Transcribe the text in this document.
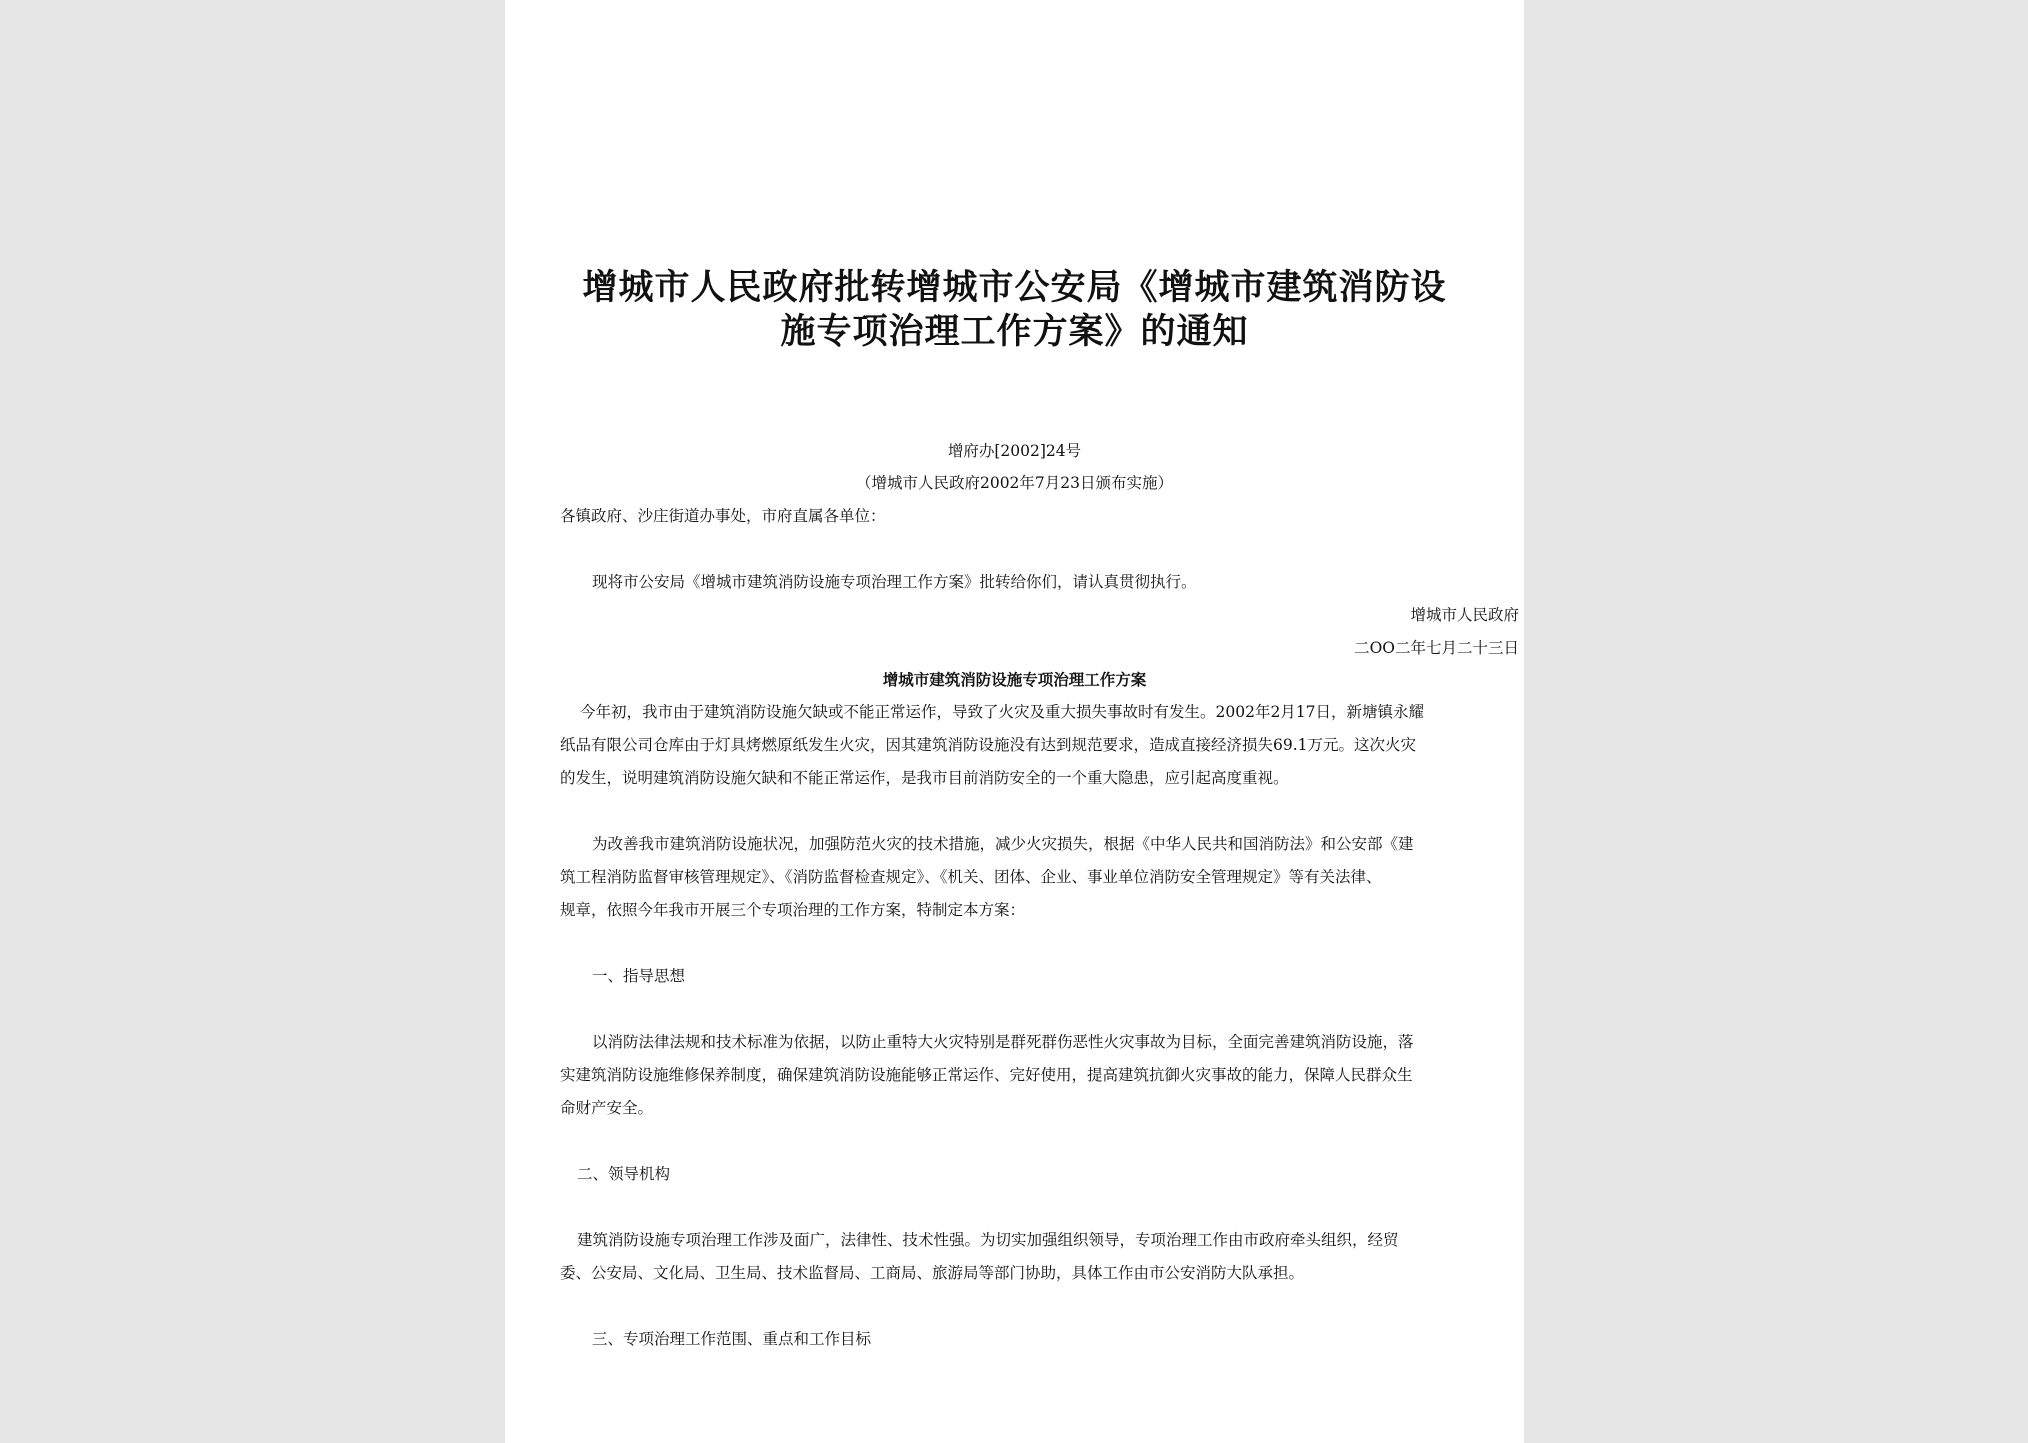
增城市人民政府批转增城市公安局《增城市建筑消防设
施专项治理工作方案》的通知
增府办[2002]24号
（增城市人民政府2002年7月23日颁布实施）
各镇政府、沙庄街道办事处，市府直属各单位：
现将市公安局《增城市建筑消防设施专项治理工作方案》批转给你们，请认真贯彻执行。
增城市人民政府
二OO二年七月二十三日
增城市建筑消防设施专项治理工作方案
今年初，我市由于建筑消防设施欠缺或不能正常运作，导致了火灾及重大损失事故时有发生。2002年2月17日，新塘镇永耀
纸品有限公司仓库由于灯具烤燃原纸发生火灾，因其建筑消防设施没有达到规范要求，造成直接经济损失69.1万元。这次火灾
的发生，说明建筑消防设施欠缺和不能正常运作，是我市目前消防安全的一个重大隐患，应引起高度重视。
为改善我市建筑消防设施状况，加强防范火灾的技术措施，减少火灾损失，根据《中华人民共和国消防法》和公安部《建
筑工程消防监督审核管理规定》、《消防监督检查规定》、《机关、团体、企业、事业单位消防安全管理规定》等有关法律、
规章，依照今年我市开展三个专项治理的工作方案，特制定本方案：
一、指导思想
以消防法律法规和技术标准为依据，以防止重特大火灾特别是群死群伤恶性火灾事故为目标，全面完善建筑消防设施，落
实建筑消防设施维修保养制度，确保建筑消防设施能够正常运作、完好使用，提高建筑抗御火灾事故的能力，保障人民群众生
命财产安全。
二、领导机构
建筑消防设施专项治理工作涉及面广，法律性、技术性强。为切实加强组织领导，专项治理工作由市政府牵头组织，经贸
委、公安局、文化局、卫生局、技术监督局、工商局、旅游局等部门协助，具体工作由市公安消防大队承担。
三、专项治理工作范围、重点和工作目标
